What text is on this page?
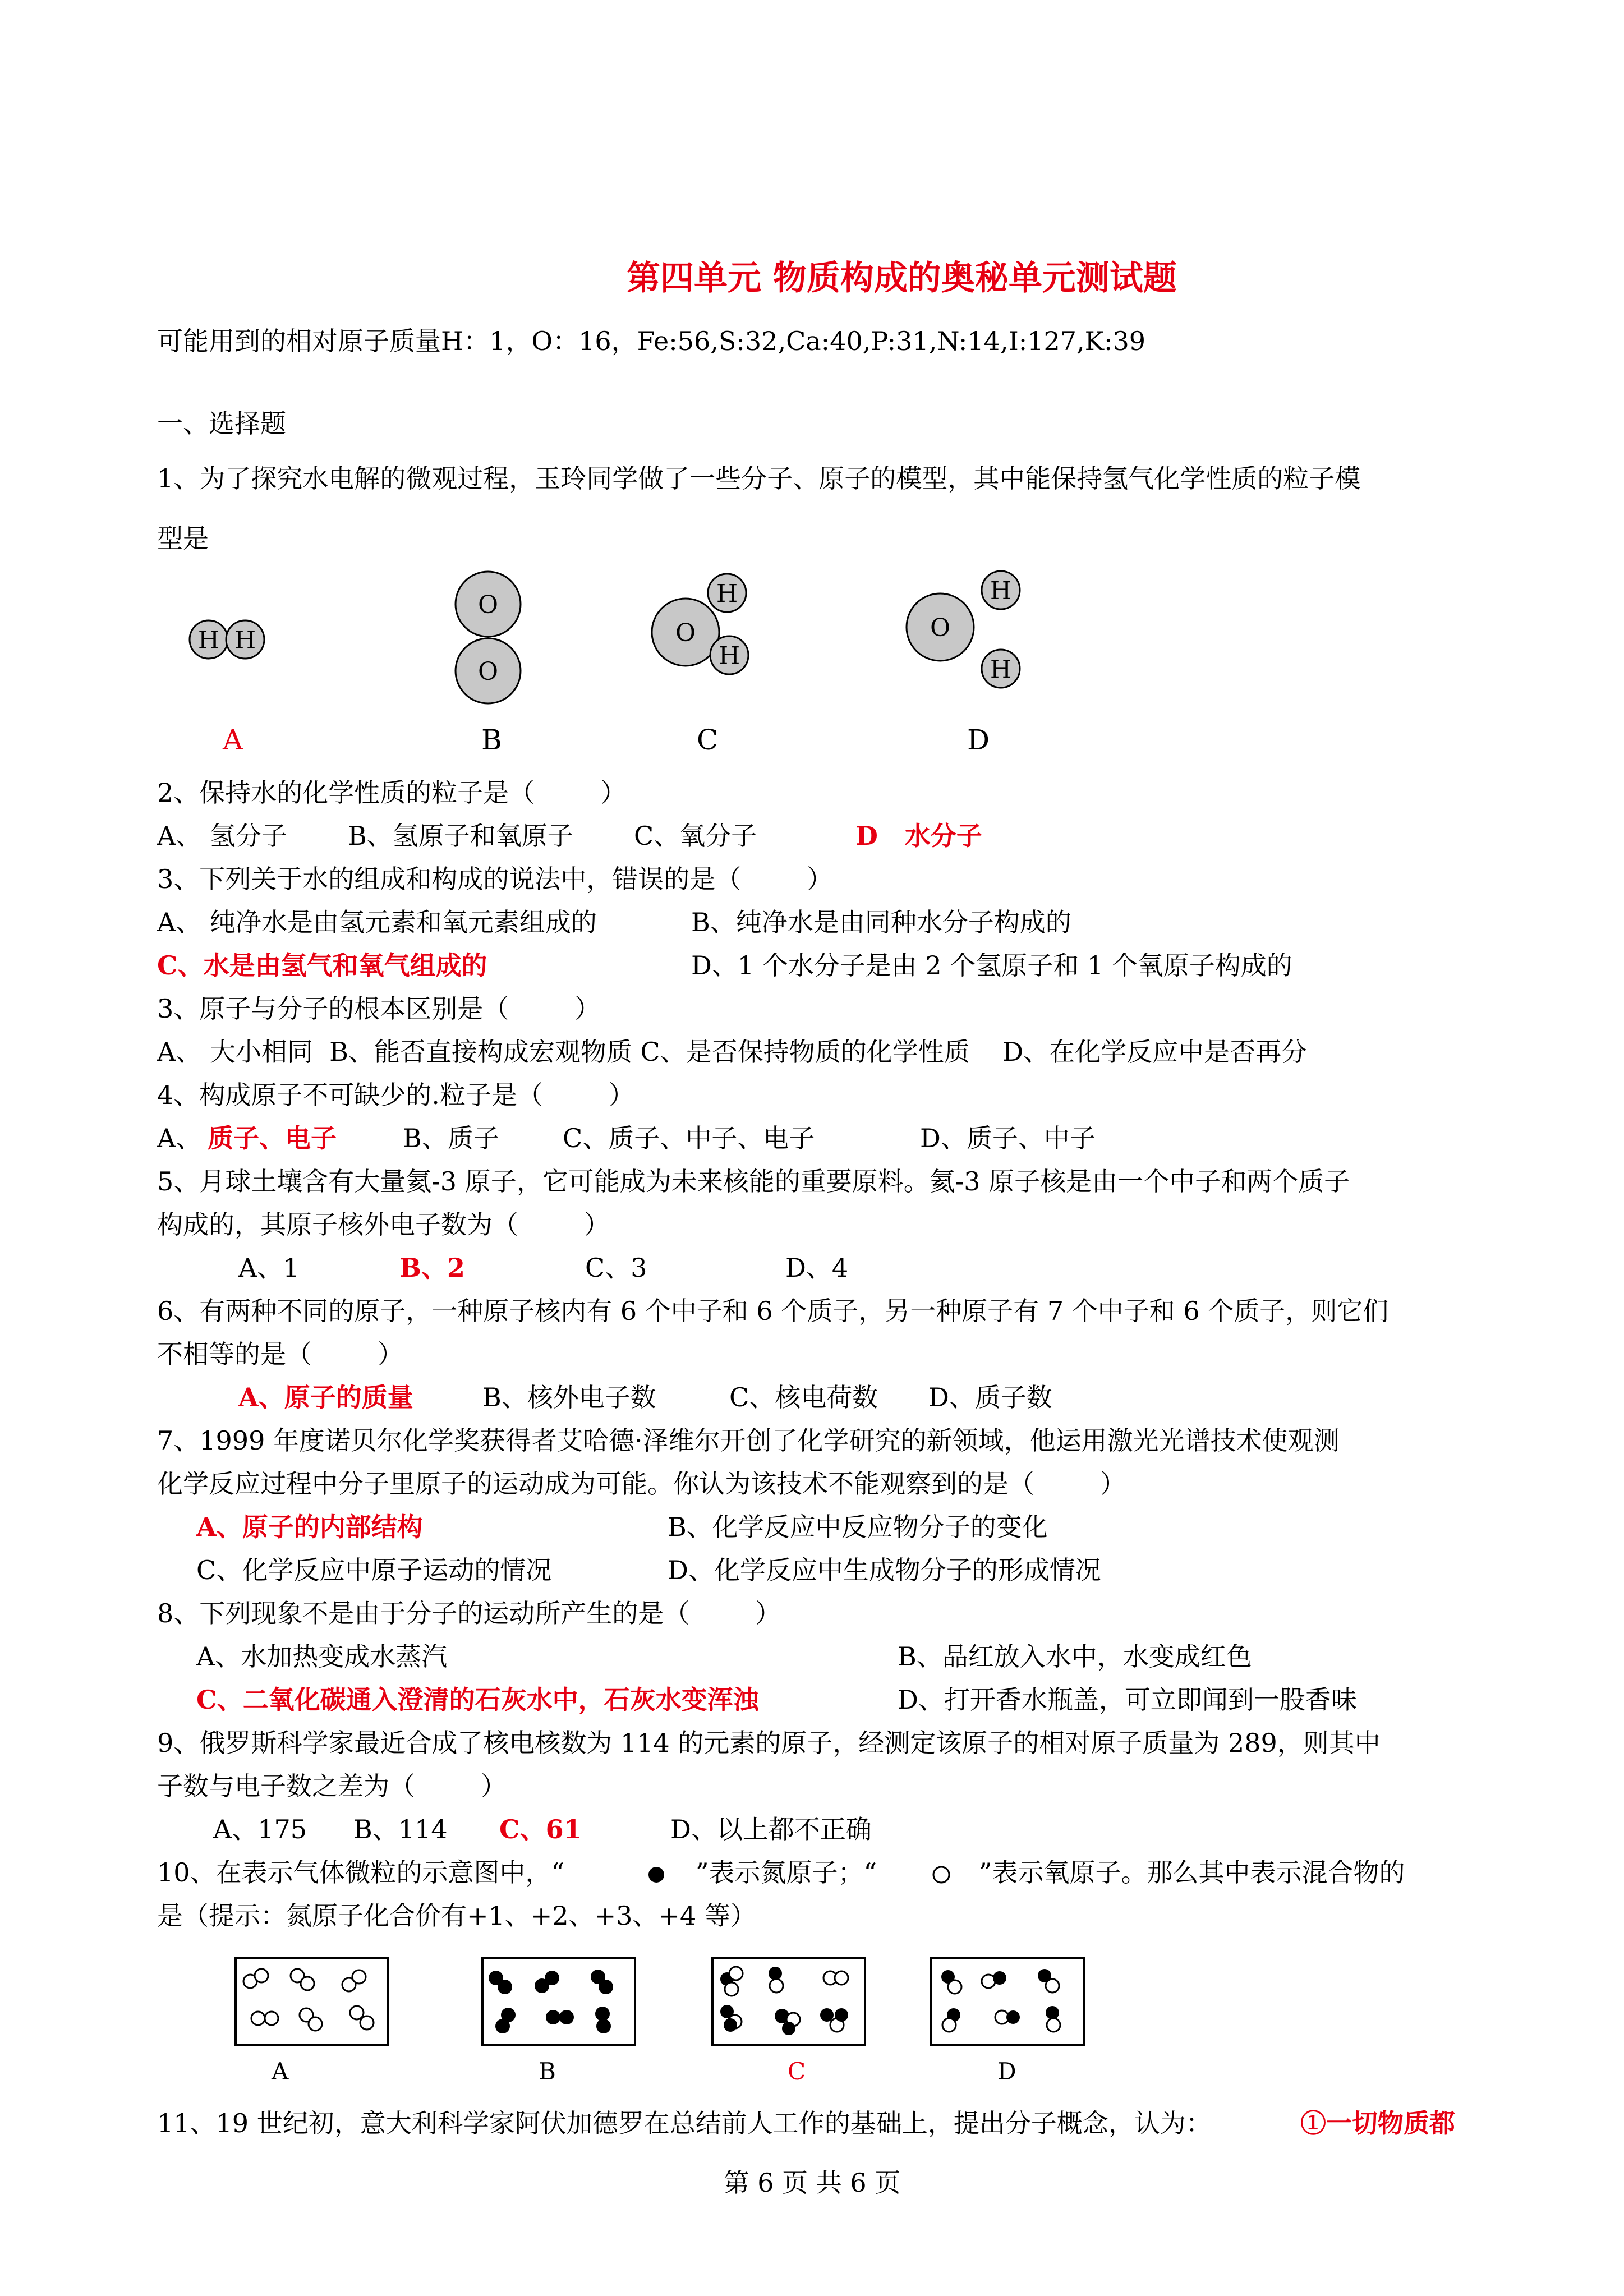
第四单元 物质构成的奥秘单元测试题
可能用到的相对原子质量H：1，O：16，Fe:56,S:32,Ca:40,P:31,N:14,I:127,K:39
一、选择题
1、为了探究水电解的微观过程，玉玲同学做了一些分子、原子的模型，其中能保持氢气化学性质的粒子模
型是
H H
O
O
O
H
H
O
H
H
A	B	C	D
2、保持水的化学性质的粒子是（        ）
A、 氢分子 B、氢原子和氧原子 C、氧分子	D   水分子
3、下列关于水的组成和构成的说法中，错误的是（        ）
A、 纯净水是由氢元素和氧元素组成的	B、纯净水是由同种水分子构成的
C、水是由氢气和氧气组成的	D、1 个水分子是由 2 个氢原子和 1 个氧原子构成的
3、原子与分子的根本区别是（        ）
A、 大小相同  B、能否直接构成宏观物质 C、是否保持物质的化学性质    D、在化学反应中是否再分
4、构成原子不可缺少的.粒子是（        ）
A、 质子、电子	B、质子 C、质子、中子、电子	D、质子、中子
5、月球土壤含有大量氦-3 原子，它可能成为未来核能的重要原料。氦-3 原子核是由一个中子和两个质子
构成的，其原子核外电子数为（        ）
A、1	B、2	C、3	D、4
6、有两种不同的原子，一种原子核内有 6 个中子和 6 个质子，另一种原子有 7 个中子和 6 个质子，则它们
不相等的是（        ）
A、原子的质量	B、核外电子数	C、核电荷数 D、质子数
7、1999 年度诺贝尔化学奖获得者艾哈德·泽维尔开创了化学研究的新领域，他运用激光光谱技术使观测
化学反应过程中分子里原子的运动成为可能。你认为该技术不能观察到的是（        ）
A、原子的内部结构	B、化学反应中反应物分子的变化
C、化学反应中原子运动的情况	D、化学反应中生成物分子的形成情况
8、下列现象不是由于分子的运动所产生的是（        ）
A、水加热变成水蒸汽	B、品红放入水中，水变成红色
C、二氧化碳通入澄清的石灰水中，石灰水变浑浊	D、打开香水瓶盖，可立即闻到一股香味
9、俄罗斯科学家最近合成了核电核数为 114 的元素的原子，经测定该原子的相对原子质量为 289，则其中
子数与电子数之差为（        ）
A、175 B、114 C、61	D、以上都不正确
10、在表示气体微粒的示意图中，“	”表示氮原子；“	”表示氧原子。那么其中表示混合物的
是（提示：氮原子化合价有+1、+2、+3、+4 等）
A	B	C	D
11、19 世纪初，意大利科学家阿伏加德罗在总结前人工作的基础上，提出分子概念，认为：	①一切物质都
第 6 页 共 6 页
